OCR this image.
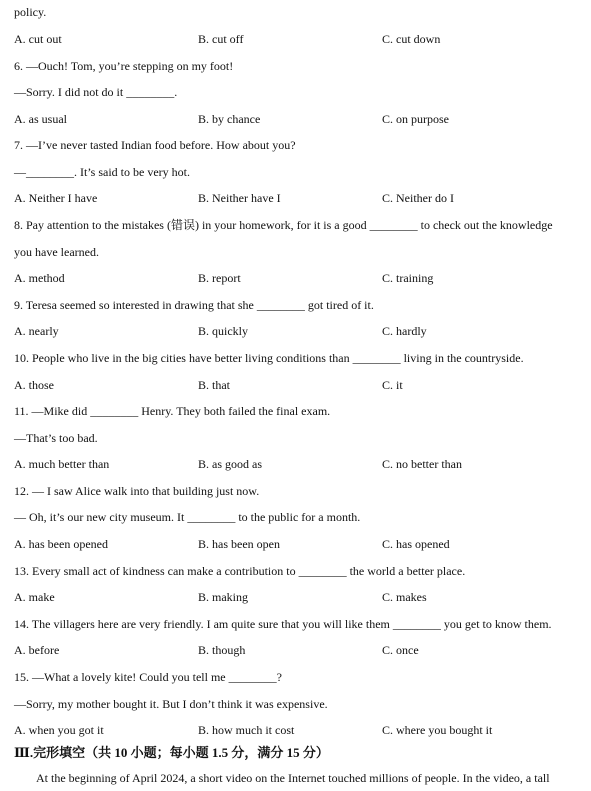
policy.
A. cut out	B. cut off	C. cut down
6. —Ouch! Tom, you’re stepping on my foot!
—Sorry. I did not do it ________.
A. as usual	B. by chance	C. on purpose
7. —I’ve never tasted Indian food before. How about you?
—________. It’s said to be very hot.
A. Neither I have	B. Neither have I	C. Neither do I
8. Pay attention to the mistakes (错误) in your homework, for it is a good ________ to check out the knowledge
you have learned.
A. method	B. report	C. training
9. Teresa seemed so interested in drawing that she ________ got tired of it.
A. nearly	B. quickly	C. hardly
10. People who live in the big cities have better living conditions than ________ living in the countryside.
A. those	B. that	C. it
11. —Mike did ________ Henry. They both failed the final exam.
—That’s too bad.
A. much better than	B. as good as	C. no better than
12. — I saw Alice walk into that building just now.
— Oh, it’s our new city museum. It ________ to the public for a month.
A. has been opened	B. has been open	C. has opened
13. Every small act of kindness can make a contribution to ________ the world a better place.
A. make	B. making	C. makes
14. The villagers here are very friendly. I am quite sure that you will like them ________ you get to know them.
A. before	B. though	C. once
15. —What a lovely kite! Could you tell me ________?
—Sorry, my mother bought it. But I don’t think it was expensive.
A. when you got it	B. how much it cost	C. where you bought it
Ⅲ.完形填空（共 10 小题；每小题 1.5 分，满分 15 分）
At the beginning of April 2024, a short video on the Internet touched millions of people. In the video, a tall
